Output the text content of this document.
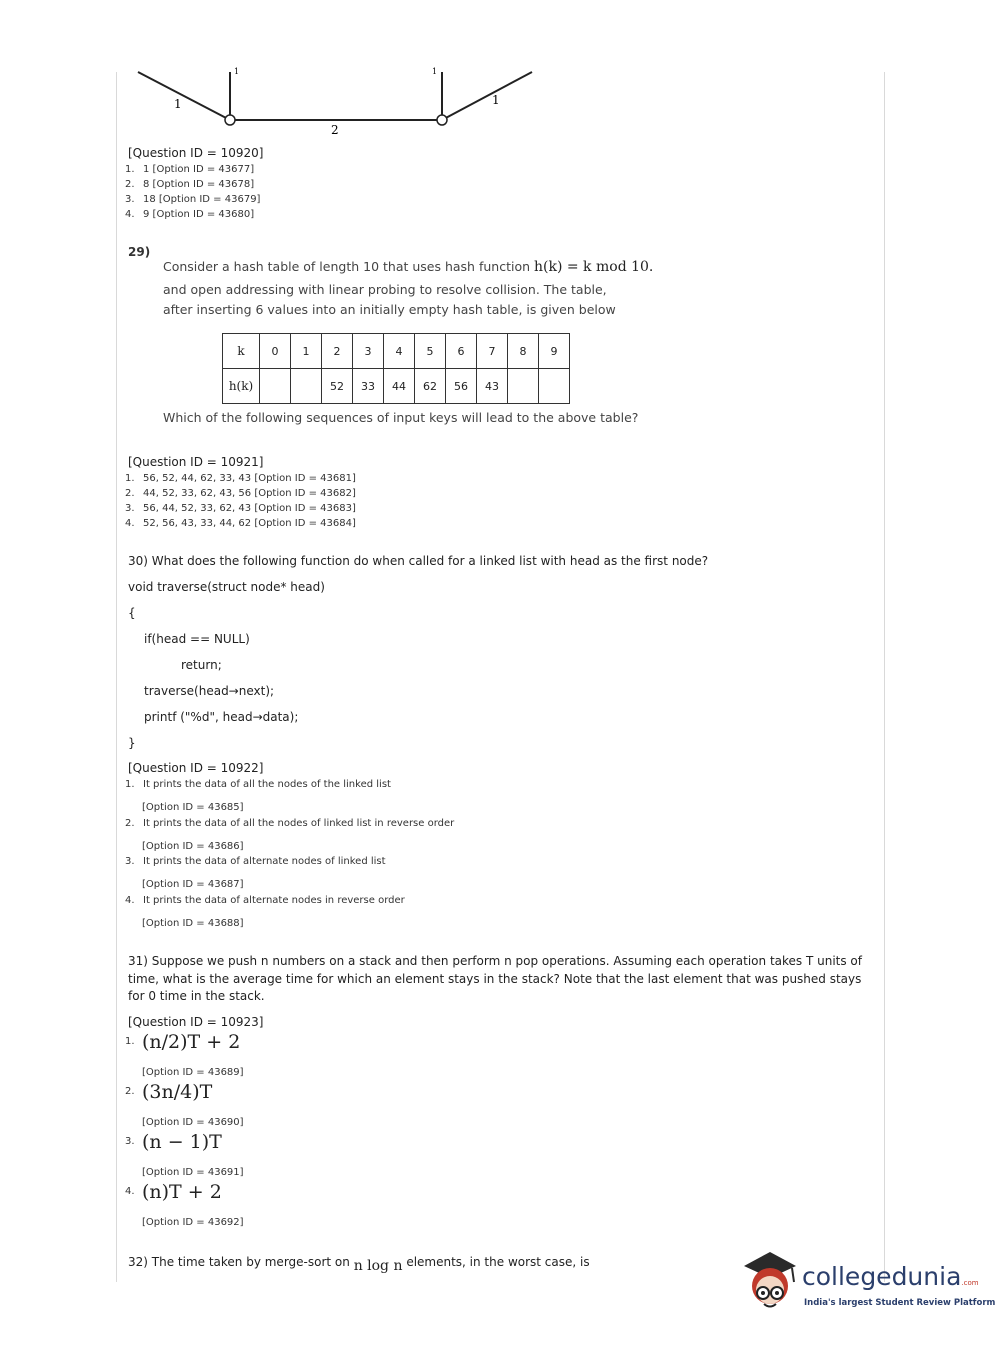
1
2
1
1	1
[Question ID = 10920]
1. 1 [Option ID = 43677]
2. 8 [Option ID = 43678]
3. 18 [Option ID = 43679]
4. 9 [Option ID = 43680]
29)
Consider a hash table of length 10 that uses hash function h(k) = k mod 10.
and open addressing with linear probing to resolve collision. The table,
after inserting 6 values into an initially empty hash table, is given below
k	0	1	2	3	4	5	6	7	8	9
h(k)			52	33	44	62	56	43		
Which of the following sequences of input keys will lead to the above table?
[Question ID = 10921]
1. 56, 52, 44, 62, 33, 43 [Option ID = 43681]
2. 44, 52, 33, 62, 43, 56 [Option ID = 43682]
3. 56, 44, 52, 33, 62, 43 [Option ID = 43683]
4. 52, 56, 43, 33, 44, 62 [Option ID = 43684]
30) What does the following function do when called for a linked list with head as the first node?
void traverse(struct node* head)
{
if(head == NULL)
return;
traverse(head→next);
printf ("%d", head→data);
}
[Question ID = 10922]
1. It prints the data of all the nodes of the linked list
[Option ID = 43685]
2. It prints the data of all the nodes of linked list in reverse order
[Option ID = 43686]
3. It prints the data of alternate nodes of linked list
[Option ID = 43687]
4. It prints the data of alternate nodes in reverse order
[Option ID = 43688]
31) Suppose we push n numbers on a stack and then perform n pop operations. Assuming each operation takes T units of
time, what is the average time for which an element stays in the stack? Note that the last element that was pushed stays
for 0 time in the stack.
[Question ID = 10923]
1. (n/2)T + 2
[Option ID = 43689]
2. (3n/4)T
[Option ID = 43690]
3. (n − 1)T
[Option ID = 43691]
4. (n)T + 2
[Option ID = 43692]
32) The time taken by merge-sort on n log n elements, in the worst case, is	collegedunia.com
India's largest Student Review Platform
